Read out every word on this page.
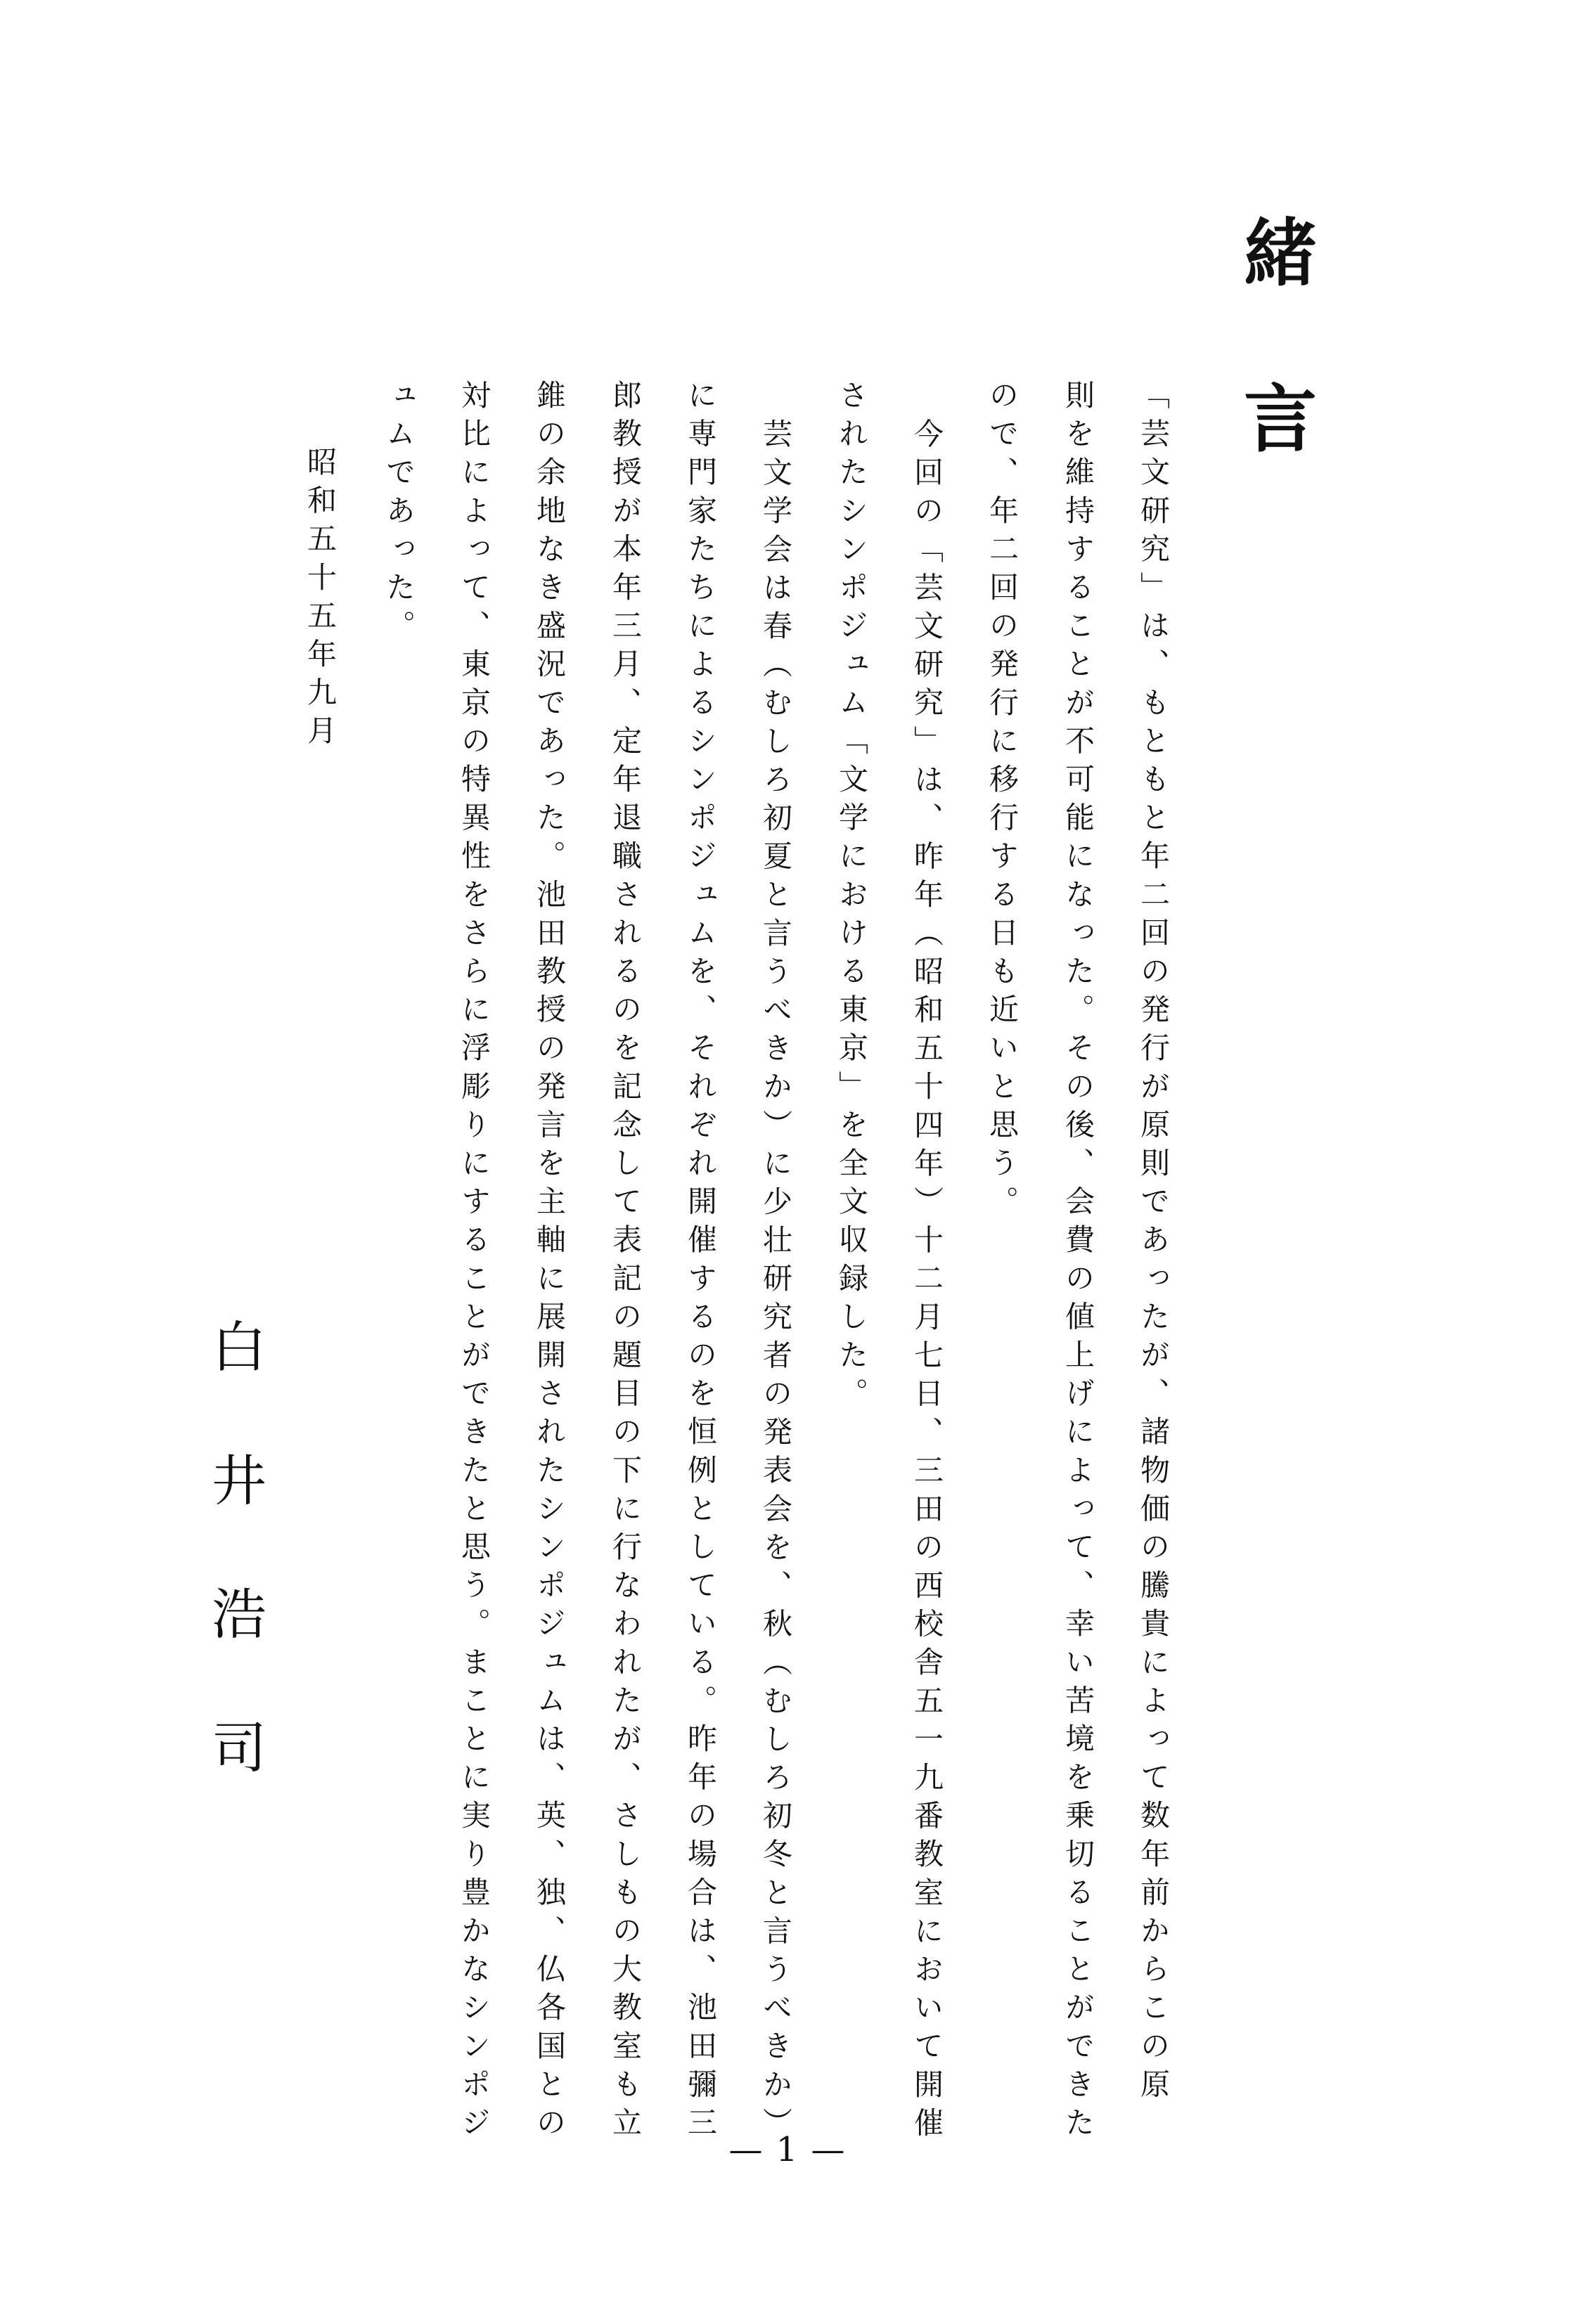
緒言

「芸文研究」は、もともと年二回の発行が原則であったが、諸物価の騰貴によって数年前からこの原

則を維持することが不可能になった。その後、会費の値上げによって、幸い苦境を乗切ることができた

ので、年二回の発行に移行する日も近いと思う。

今回の「芸文研究」は、昨年（昭和五十四年）十二月七日、三田の西校舎五一九番教室において開催

されたシンポジュム「文学における東京」を全文収録した。

芸文学会は春（むしろ初夏と言うべきか）に少壮研究者の発表会を、秋（むしろ初冬と言うべきか）

に専門家たちによるシンポジュムを、それぞれ開催するのを恒例としている。昨年の場合は、池田彌三

郎教授が本年三月、定年退職されるのを記念して表記の題目の下に行なわれたが、さしもの大教室も立

錐の余地なき盛況であった。池田教授の発言を主軸に展開されたシンポジュムは、英、独、仏各国との

対比によって、東京の特異性をさらに浮彫りにすることができたと思う。まことに実り豊かなシンポジ

ュムであった。

昭和五十五年九月

白井浩司

— 1 —
